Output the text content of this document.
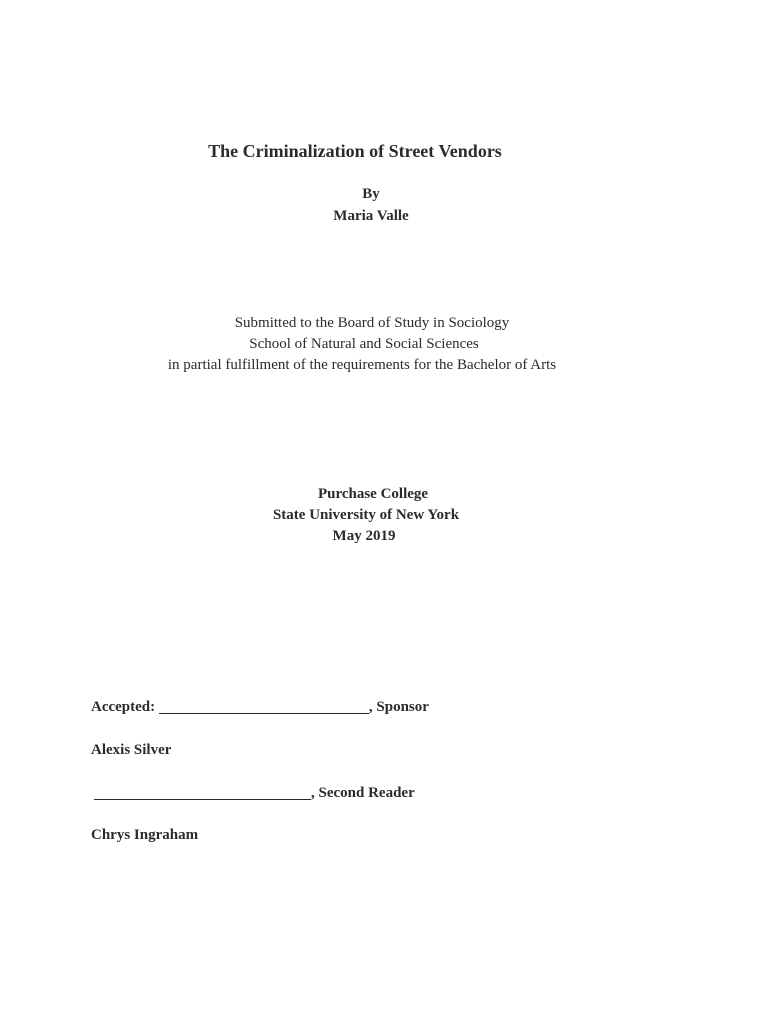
The Criminalization of Street Vendors
By
Maria Valle
Submitted to the Board of Study in Sociology
School of Natural and Social Sciences
in partial fulfillment of the requirements for the Bachelor of Arts
Purchase College
State University of New York
May 2019
Accepted:	, Sponsor
Alexis Silver
, Second Reader
Chrys Ingraham
